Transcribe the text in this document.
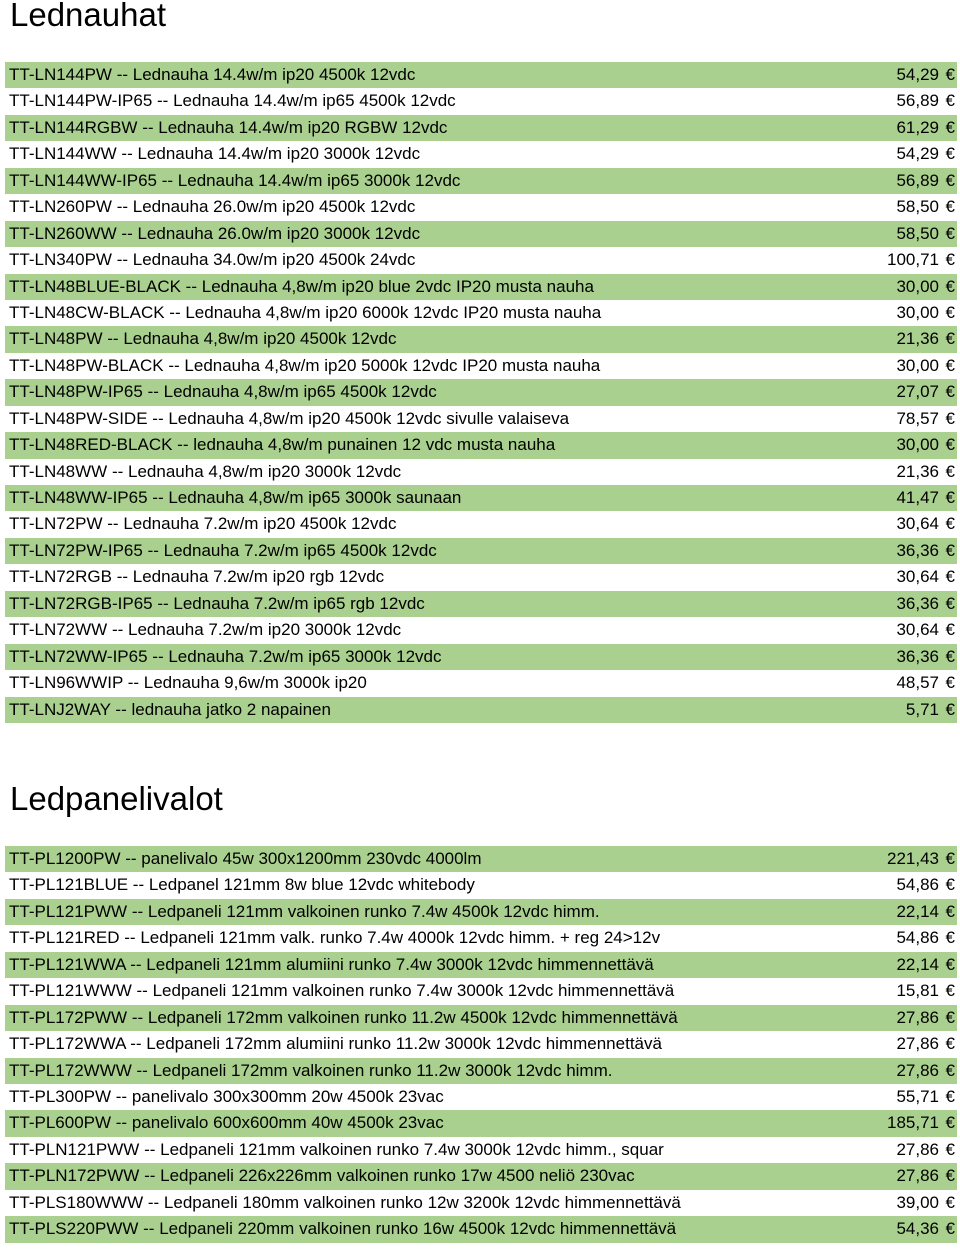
Lednauhat
TT-LN144PW -- Lednauha 14.4w/m ip20 4500k 12vdc	54,29 €
TT-LN144PW-IP65 -- Lednauha 14.4w/m ip65 4500k 12vdc	56,89 €
TT-LN144RGBW -- Lednauha 14.4w/m ip20 RGBW 12vdc	61,29 €
TT-LN144WW -- Lednauha 14.4w/m ip20 3000k 12vdc	54,29 €
TT-LN144WW-IP65 -- Lednauha 14.4w/m ip65 3000k 12vdc	56,89 €
TT-LN260PW -- Lednauha 26.0w/m ip20 4500k 12vdc	58,50 €
TT-LN260WW -- Lednauha 26.0w/m ip20 3000k 12vdc	58,50 €
TT-LN340PW -- Lednauha 34.0w/m ip20 4500k 24vdc	100,71 €
TT-LN48BLUE-BLACK -- Lednauha 4,8w/m ip20 blue 2vdc IP20 musta nauha	30,00 €
TT-LN48CW-BLACK -- Lednauha 4,8w/m ip20 6000k 12vdc IP20 musta nauha	30,00 €
TT-LN48PW -- Lednauha 4,8w/m ip20 4500k 12vdc	21,36 €
TT-LN48PW-BLACK -- Lednauha 4,8w/m ip20 5000k 12vdc IP20 musta nauha	30,00 €
TT-LN48PW-IP65 -- Lednauha 4,8w/m ip65 4500k 12vdc	27,07 €
TT-LN48PW-SIDE -- Lednauha 4,8w/m ip20 4500k 12vdc sivulle valaiseva	78,57 €
TT-LN48RED-BLACK -- lednauha 4,8w/m punainen 12 vdc musta nauha	30,00 €
TT-LN48WW -- Lednauha 4,8w/m ip20 3000k 12vdc	21,36 €
TT-LN48WW-IP65 -- Lednauha 4,8w/m ip65 3000k saunaan	41,47 €
TT-LN72PW -- Lednauha 7.2w/m ip20 4500k 12vdc	30,64 €
TT-LN72PW-IP65 -- Lednauha 7.2w/m ip65 4500k 12vdc	36,36 €
TT-LN72RGB -- Lednauha 7.2w/m ip20 rgb 12vdc	30,64 €
TT-LN72RGB-IP65 -- Lednauha 7.2w/m ip65 rgb 12vdc	36,36 €
TT-LN72WW -- Lednauha 7.2w/m ip20 3000k 12vdc	30,64 €
TT-LN72WW-IP65 -- Lednauha 7.2w/m ip65 3000k 12vdc	36,36 €
TT-LN96WWIP -- Lednauha 9,6w/m 3000k ip20	48,57 €
TT-LNJ2WAY -- lednauha jatko 2 napainen	5,71 €
Ledpanelivalot
TT-PL1200PW -- panelivalo 45w 300x1200mm 230vdc 4000lm	221,43 €
TT-PL121BLUE -- Ledpanel 121mm 8w blue 12vdc whitebody	54,86 €
TT-PL121PWW -- Ledpaneli 121mm valkoinen runko 7.4w 4500k 12vdc himm.	22,14 €
TT-PL121RED -- Ledpaneli 121mm valk. runko 7.4w 4000k 12vdc himm. + reg 24>12v	54,86 €
TT-PL121WWA -- Ledpaneli 121mm alumiini runko 7.4w 3000k 12vdc himmennettävä	22,14 €
TT-PL121WWW -- Ledpaneli 121mm valkoinen runko 7.4w 3000k 12vdc himmennettävä	15,81 €
TT-PL172PWW -- Ledpaneli 172mm valkoinen runko 11.2w 4500k 12vdc himmennettävä	27,86 €
TT-PL172WWA -- Ledpaneli 172mm alumiini runko 11.2w 3000k 12vdc himmennettävä	27,86 €
TT-PL172WWW -- Ledpaneli 172mm valkoinen runko 11.2w 3000k 12vdc himm.	27,86 €
TT-PL300PW -- panelivalo 300x300mm 20w 4500k 23vac	55,71 €
TT-PL600PW -- panelivalo 600x600mm 40w 4500k 23vac	185,71 €
TT-PLN121PWW -- Ledpaneli 121mm valkoinen runko 7.4w 3000k 12vdc himm., squar	27,86 €
TT-PLN172PWW -- Ledpaneli 226x226mm valkoinen runko 17w 4500 neliö 230vac	27,86 €
TT-PLS180WWW -- Ledpaneli 180mm valkoinen runko 12w 3200k 12vdc himmennettävä	39,00 €
TT-PLS220PWW -- Ledpaneli 220mm valkoinen runko 16w 4500k 12vdc himmennettävä	54,36 €
